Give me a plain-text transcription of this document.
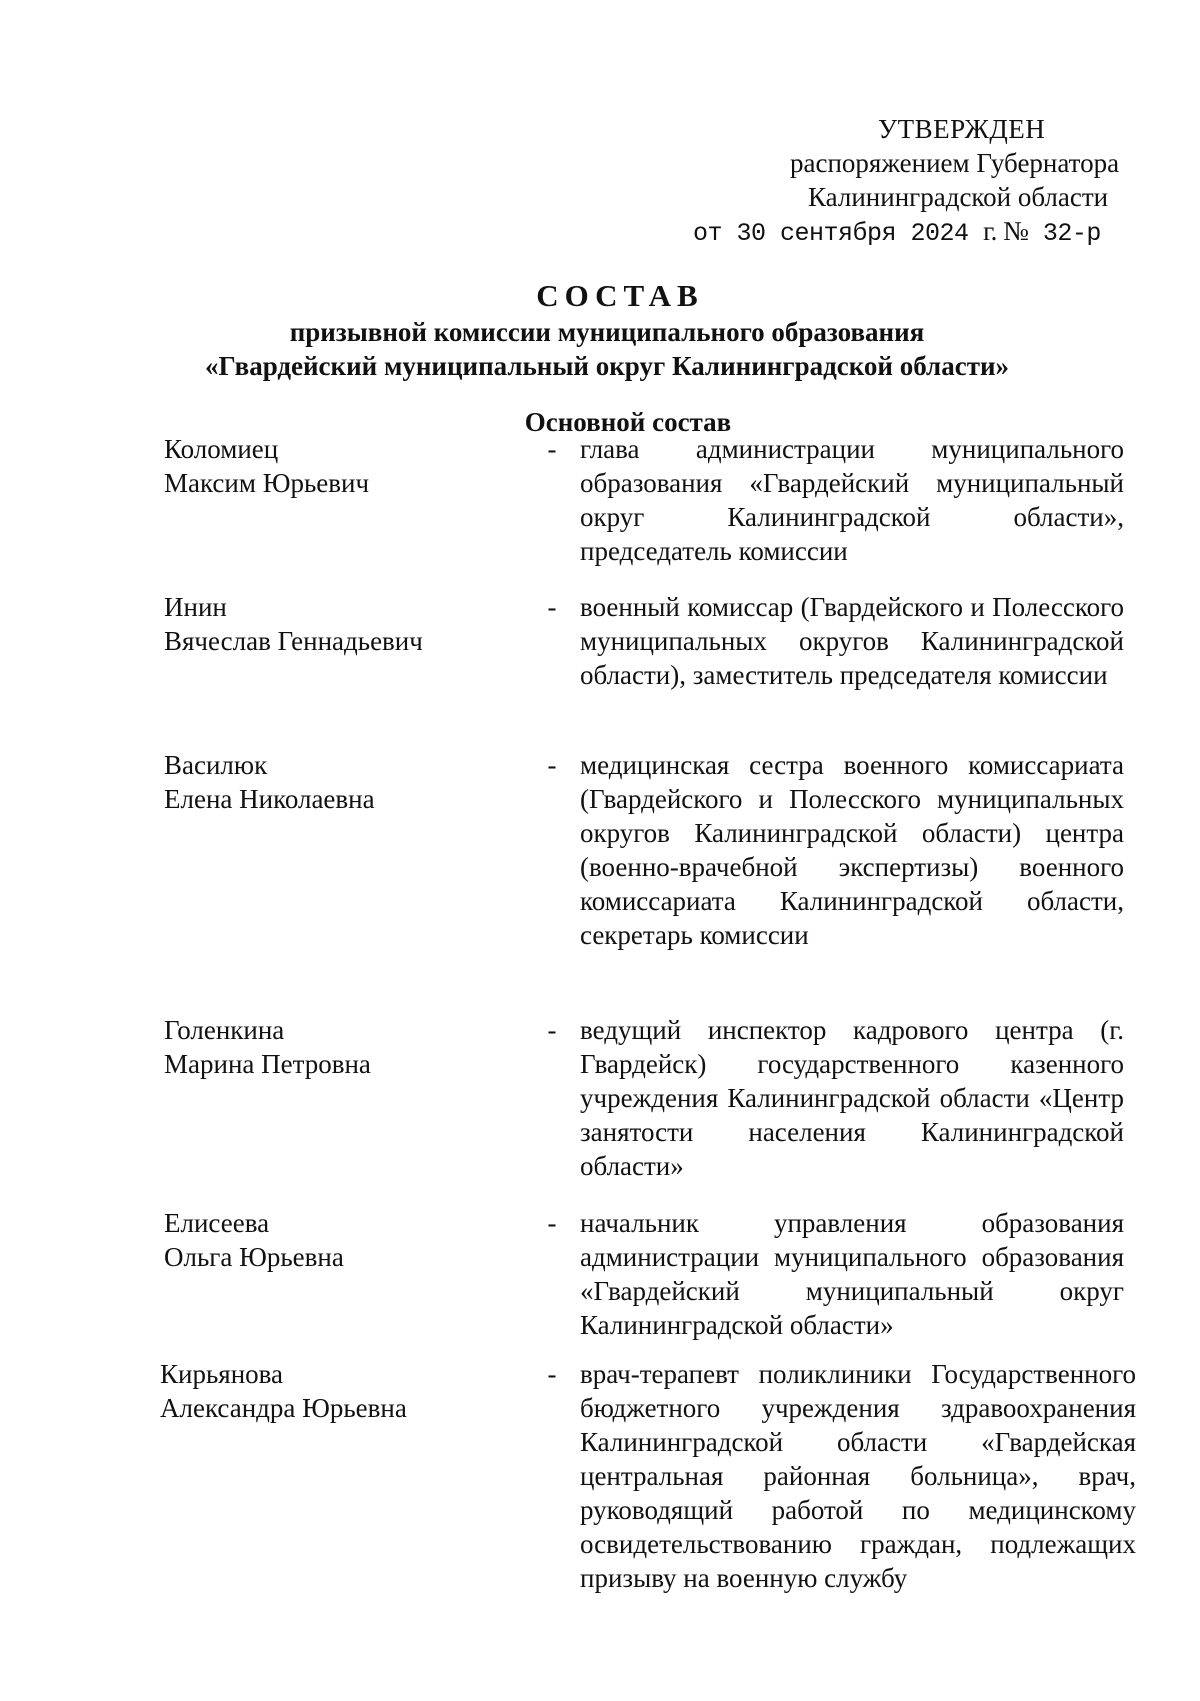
УТВЕРЖДЕН
распоряжением Губернатора
Калининградской области
от 30 сентября 2024 г. № 32-р
СОСТАВ
призывной комиссии муниципального образования
«Гвардейский муниципальный округ Калининградской области»
Основной состав
Коломиец
Максим Юрьевич
- глава администрации муниципального образования «Гвардейский муниципальный округ Калининградской области», председатель комиссии
Инин
Вячеслав Геннадьевич
- военный комиссар (Гвардейского и Полесского муниципальных округов Калининградской области), заместитель председателя комиссии
Василюк
Елена Николаевна
- медицинская сестра военного комиссариата (Гвардейского и Полесского муниципальных округов Калининградской области) центра (военно-врачебной экспертизы) военного комиссариата Калининградской области, секретарь комиссии
Голенкина
Марина Петровна
- ведущий инспектор кадрового центра (г. Гвардейск) государственного казенного учреждения Калининградской области «Центр занятости населения Калининградской области»
Елисеева
Ольга Юрьевна
- начальник управления образования администрации муниципального образования «Гвардейский муниципальный округ Калининградской области»
Кирьянова
Александра Юрьевна
- врач-терапевт поликлиники Государственного бюджетного учреждения здравоохранения Калининградской области «Гвардейская центральная районная больница», врач, руководящий работой по медицинскому освидетельствованию граждан, подлежащих призыву на военную службу
